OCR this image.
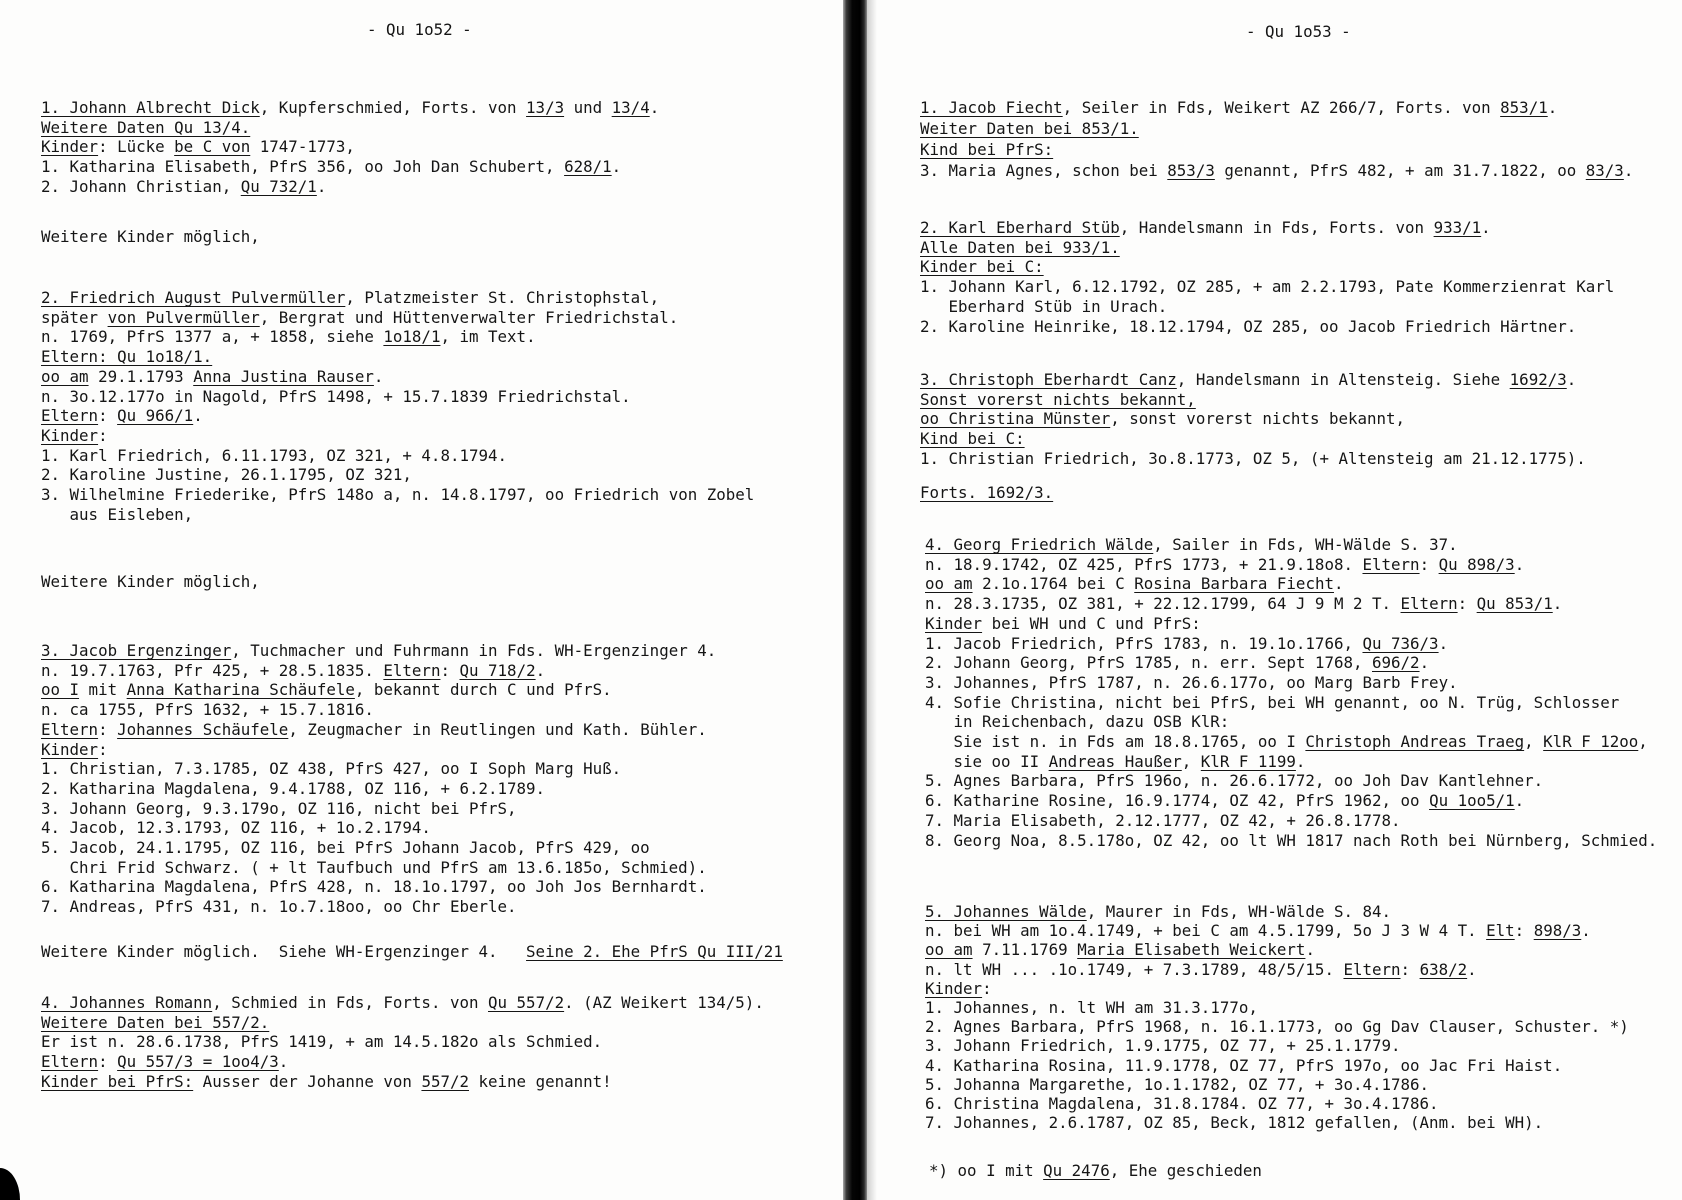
- Qu 1o52 -
1. Johann Albrecht Dick, Kupferschmied, Forts. von 13/3 und 13/4.
Weitere Daten Qu 13/4.
Kinder: Lücke be C von 1747-1773,
1. Katharina Elisabeth, PfrS 356, oo Joh Dan Schubert, 628/1.
2. Johann Christian, Qu 732/1.
Weitere Kinder möglich,
2. Friedrich August Pulvermüller, Platzmeister St. Christophstal,
später von Pulvermüller, Bergrat und Hüttenverwalter Friedrichstal.
n. 1769, PfrS 1377 a, + 1858, siehe 1o18/1, im Text.
Eltern: Qu 1o18/1.
oo am 29.1.1793 Anna Justina Rauser.
n. 3o.12.177o in Nagold, PfrS 1498, + 15.7.1839 Friedrichstal.
Eltern: Qu 966/1.
Kinder:
1. Karl Friedrich, 6.11.1793, OZ 321, + 4.8.1794.
2. Karoline Justine, 26.1.1795, OZ 321,
3. Wilhelmine Friederike, PfrS 148o a, n. 14.8.1797, oo Friedrich von Zobel
aus Eisleben,
Weitere Kinder möglich,
3. Jacob Ergenzinger, Tuchmacher und Fuhrmann in Fds. WH-Ergenzinger 4.
n. 19.7.1763, Pfr 425, + 28.5.1835. Eltern: Qu 718/2.
oo I mit Anna Katharina Schäufele, bekannt durch C und PfrS.
n. ca 1755, PfrS 1632, + 15.7.1816.
Eltern: Johannes Schäufele, Zeugmacher in Reutlingen und Kath. Bühler.
Kinder:
1. Christian, 7.3.1785, OZ 438, PfrS 427, oo I Soph Marg Huß.
2. Katharina Magdalena, 9.4.1788, OZ 116, + 6.2.1789.
3. Johann Georg, 9.3.179o, OZ 116, nicht bei PfrS,
4. Jacob, 12.3.1793, OZ 116, + 1o.2.1794.
5. Jacob, 24.1.1795, OZ 116, bei PfrS Johann Jacob, PfrS 429, oo
Chri Frid Schwarz. ( + lt Taufbuch und PfrS am 13.6.185o, Schmied).
6. Katharina Magdalena, PfrS 428, n. 18.1o.1797, oo Joh Jos Bernhardt.
7. Andreas, PfrS 431, n. 1o.7.18oo, oo Chr Eberle.
Weitere Kinder möglich.  Siehe WH-Ergenzinger 4.   Seine 2. Ehe PfrS Qu III/21
4. Johannes Romann, Schmied in Fds, Forts. von Qu 557/2. (AZ Weikert 134/5).
Weitere Daten bei 557/2.
Er ist n. 28.6.1738, PfrS 1419, + am 14.5.182o als Schmied.
Eltern: Qu 557/3 = 1oo4/3.
Kinder bei PfrS: Ausser der Johanne von 557/2 keine genannt!
- Qu 1o53 -
1. Jacob Fiecht, Seiler in Fds, Weikert AZ 266/7, Forts. von 853/1.
Weiter Daten bei 853/1.
Kind bei PfrS:
3. Maria Agnes, schon bei 853/3 genannt, PfrS 482, + am 31.7.1822, oo 83/3.
2. Karl Eberhard Stüb, Handelsmann in Fds, Forts. von 933/1.
Alle Daten bei 933/1.
Kinder bei C:
1. Johann Karl, 6.12.1792, OZ 285, + am 2.2.1793, Pate Kommerzienrat Karl
Eberhard Stüb in Urach.
2. Karoline Heinrike, 18.12.1794, OZ 285, oo Jacob Friedrich Härtner.
3. Christoph Eberhardt Canz, Handelsmann in Altensteig. Siehe 1692/3.
Sonst vorerst nichts bekannt,
oo Christina Münster, sonst vorerst nichts bekannt,
Kind bei C:
1. Christian Friedrich, 3o.8.1773, OZ 5, (+ Altensteig am 21.12.1775).
Forts. 1692/3.
4. Georg Friedrich Wälde, Sailer in Fds, WH-Wälde S. 37.
n. 18.9.1742, OZ 425, PfrS 1773, + 21.9.18o8. Eltern: Qu 898/3.
oo am 2.1o.1764 bei C Rosina Barbara Fiecht.
n. 28.3.1735, OZ 381, + 22.12.1799, 64 J 9 M 2 T. Eltern: Qu 853/1.
Kinder bei WH und C und PfrS:
1. Jacob Friedrich, PfrS 1783, n. 19.1o.1766, Qu 736/3.
2. Johann Georg, PfrS 1785, n. err. Sept 1768, 696/2.
3. Johannes, PfrS 1787, n. 26.6.177o, oo Marg Barb Frey.
4. Sofie Christina, nicht bei PfrS, bei WH genannt, oo N. Trüg, Schlosser
in Reichenbach, dazu OSB KlR:
Sie ist n. in Fds am 18.8.1765, oo I Christoph Andreas Traeg, KlR F 12oo,
sie oo II Andreas Haußer, KlR F 1199.
5. Agnes Barbara, PfrS 196o, n. 26.6.1772, oo Joh Dav Kantlehner.
6. Katharine Rosine, 16.9.1774, OZ 42, PfrS 1962, oo Qu 1oo5/1.
7. Maria Elisabeth, 2.12.1777, OZ 42, + 26.8.1778.
8. Georg Noa, 8.5.178o, OZ 42, oo lt WH 1817 nach Roth bei Nürnberg, Schmied.
5. Johannes Wälde, Maurer in Fds, WH-Wälde S. 84.
n. bei WH am 1o.4.1749, + bei C am 4.5.1799, 5o J 3 W 4 T. Elt: 898/3.
oo am 7.11.1769 Maria Elisabeth Weickert.
n. lt WH ... .1o.1749, + 7.3.1789, 48/5/15. Eltern: 638/2.
Kinder:
1. Johannes, n. lt WH am 31.3.177o,
2. Agnes Barbara, PfrS 1968, n. 16.1.1773, oo Gg Dav Clauser, Schuster. *)
3. Johann Friedrich, 1.9.1775, OZ 77, + 25.1.1779.
4. Katharina Rosina, 11.9.1778, OZ 77, PfrS 197o, oo Jac Fri Haist.
5. Johanna Margarethe, 1o.1.1782, OZ 77, + 3o.4.1786.
6. Christina Magdalena, 31.8.1784. OZ 77, + 3o.4.1786.
7. Johannes, 2.6.1787, OZ 85, Beck, 1812 gefallen, (Anm. bei WH).
*) oo I mit Qu 2476, Ehe geschieden
